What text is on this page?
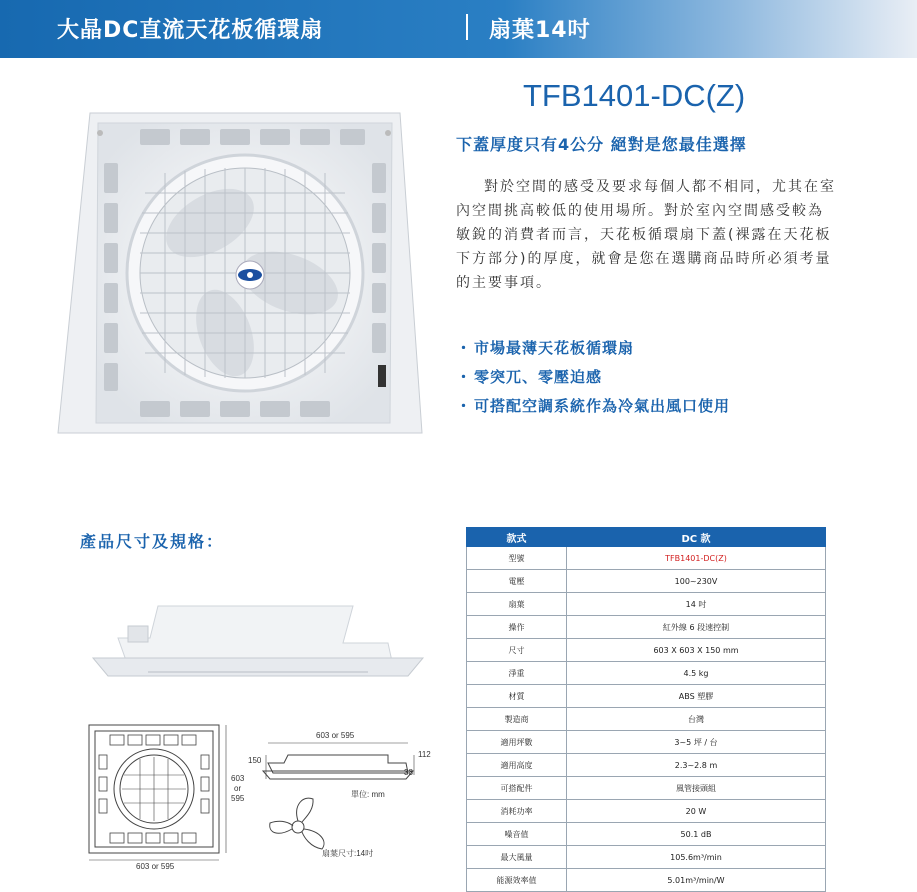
大晶DC直流天花板循環扇	扇葉14吋
TFB1401-DC(Z)
下蓋厚度只有4公分 絕對是您最佳選擇
對於空間的感受及要求每個人都不相同，尤其在室內空間挑高較低的使用場所。對於室內空間感受較為敏銳的消費者而言，天花板循環扇下蓋(裸露在天花板下方部分)的厚度，就會是您在選購商品時所必須考量的主要事項。
・ 市場最薄天花板循環扇
・ 零突兀、零壓迫感
・ 可搭配空調系統作為冷氣出風口使用
產品尺寸及規格：
603 or 595
150
112
38
603
or
595	單位: mm
扇葉尺寸:14吋
603 or 595
款式	DC 款
型號	TFB1401-DC(Z)
電壓	100~230V
扇葉	14 吋
操作	紅外線 6 段速控制
尺寸	603 X 603 X 150 mm
淨重	4.5 kg
材質	ABS 塑膠
製造商	台灣
適用坪數	3~5 坪 / 台
適用高度	2.3~2.8 m
可搭配件	風管接頭組
消耗功率	20 W
噪音值	50.1 dB
最大風量	105.6m³/min
能源效率值	5.01m³/min/W
